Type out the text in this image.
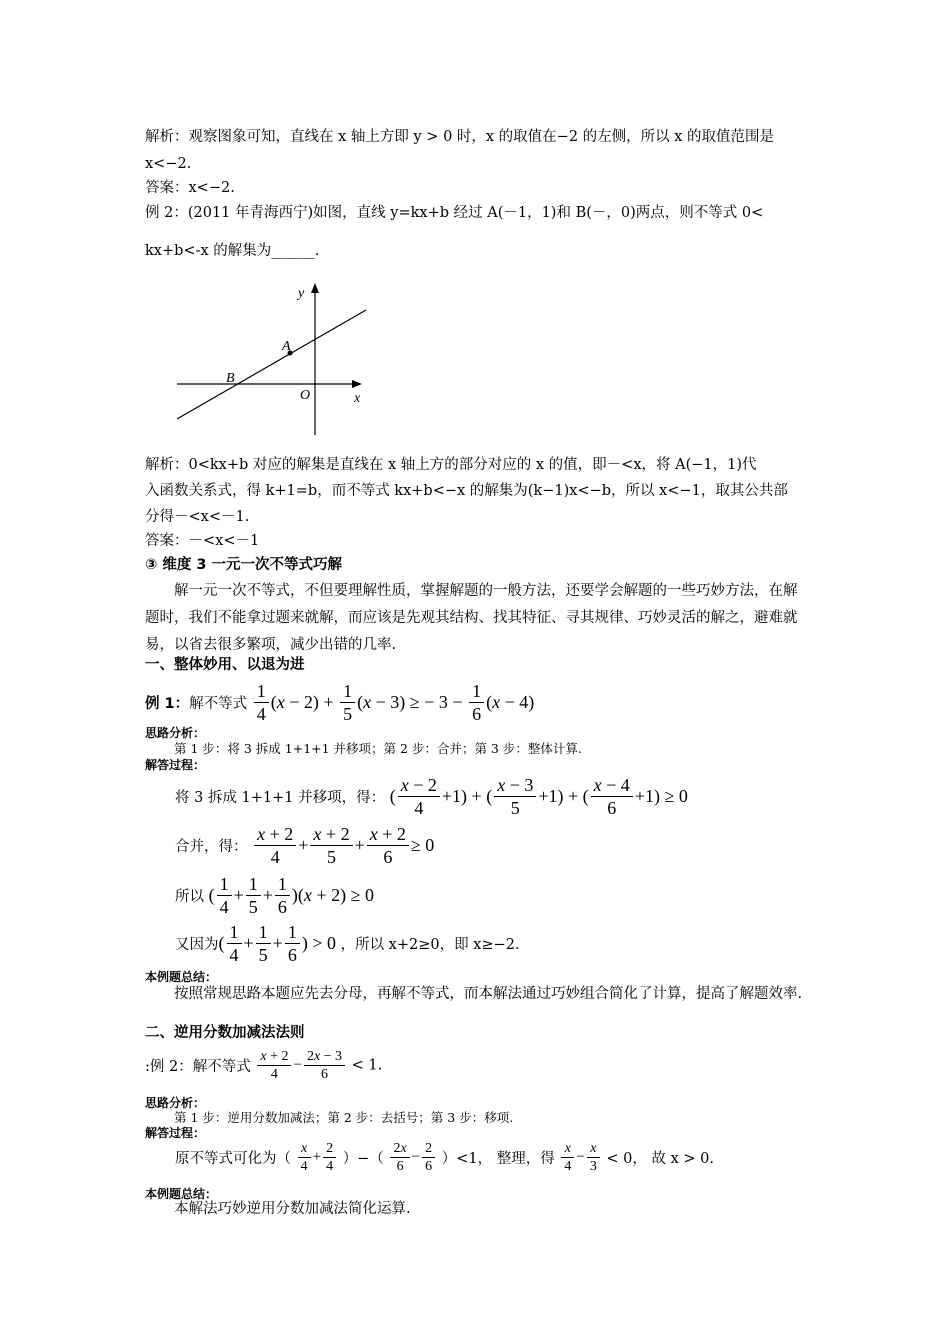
解析：观察图象可知，直线在 x 轴上方即 y > 0 时，x 的取值在−2 的左侧，所以 x 的取值范围是
x<−2.
答案：x<−2.
例 2：(2011 年青海西宁)如图，直线 y=kx+b 经过 A(－1，1)和 B(－，0)两点，则不等式 0<
kx+b<-x 的解集为______.
y
A
B
O	x
解析：0<kx+b 对应的解集是直线在 x 轴上方的部分对应的 x 的值，即－<x，将 A(−1，1)代
入函数关系式，得 k+1=b，而不等式 kx+b<−x 的解集为(k−1)x<−b，所以 x<−1，取其公共部
分得－<x<－1.
答案：－<x<－1
③ 维度 3 一元一次不等式巧解
解一元一次不等式，不但要理解性质，掌握解题的一般方法，还要学会解题的一些巧妙方法，在解题时，我们不能拿过题来就解，而应该是先观其结构、找其特征、寻其规律、巧妙灵活的解之，避难就易，以省去很多繁项，减少出错的几率.
一、整体妙用、以退为进
例 1：解不等式 $\frac{1}{4} (x - 2) + \frac{1}{5} (x - 3)$ ≥ − $3 - \frac{1}{6} (x - 4)$
思路分析：
第 1 步：将 3 拆成 1+1+1 并移项；第 2 步：合并；第 3 步：整体计算.
解答过程：
将 3 拆成 1+1+1 并移项，得： ( $\frac{x - 2}{4} +1$) + ( $\frac{x - 3}{5} +1$) + ( $\frac{x - 4}{6} +1) \ge 0$
合并，得： $\frac{x + 2}{4} + \frac{x + 2}{5} + \frac{x + 2}{6} \ge 0$
所以 ( $\frac{1}{4} + \frac{1}{5} + \frac{1}{6} )(x + 2) \ge 0$
又因为( $\frac{1}{4} + \frac{1}{5} + \frac{1}{6}$ ) > 0 ，所以 x+2≥0，即 x≥−2.
本例题总结：
按照常规思路本题应先去分母，再解不等式，而本解法通过巧妙组合简化了计算，提高了解题效率.
二、逆用分数加减法法则
:例 2：解不等式 $\frac{x + 2}{4} - \frac{2x - 3}{6} < 1$.
思路分析：
第 1 步：逆用分数加减法；第 2 步：去括号；第 3 步：移项.
解答过程：
原不等式可化为（ $\frac{x}{4} + \frac{2}{4}$ ）−（ $\frac{2x}{6} - \frac{2}{6} )<1$， 整理，得 $\frac{x}{4} - \frac{x}{3} < 0$， 故 x > 0.
本例题总结：
本解法巧妙逆用分数加减法简化运算.
